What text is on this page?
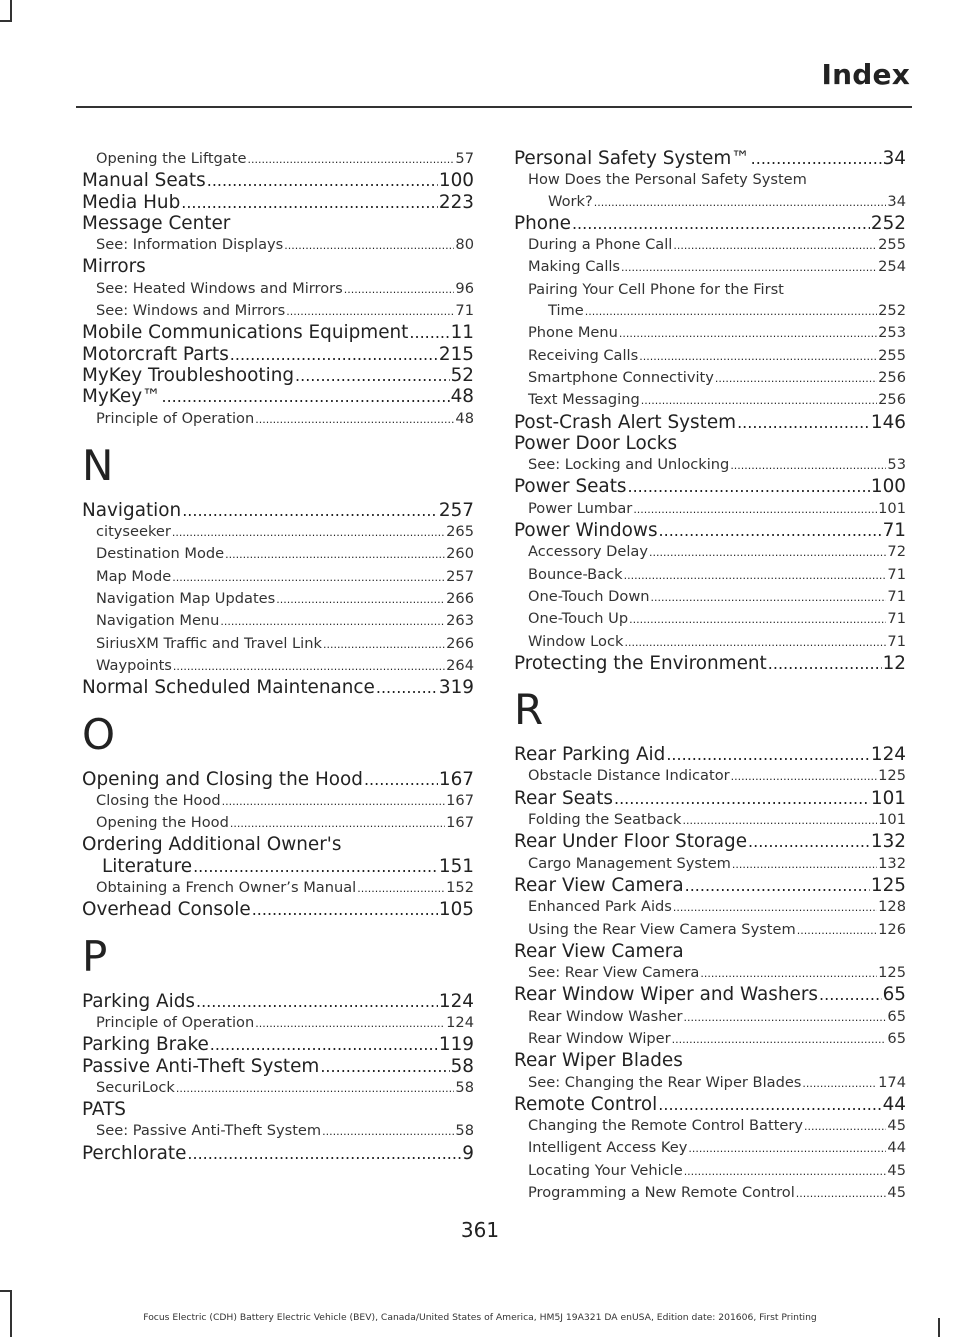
Index
Opening the Liftgate .....	57
Manual Seats .....	100
Media Hub .....	223
Message Center
See: Information Displays .....	80
Mirrors
See: Heated Windows and Mirrors .....	96
See: Windows and Mirrors .....	71
Mobile Communications Equipment ..... 11
Motorcraft Parts .....	215
MyKey Troubleshooting .....	52
MyKey™ .....	48
Principle of Operation .....	48
N
Navigation .....	257
cityseeker .....	265
Destination Mode .....	260
Map Mode .....	257
Navigation Map Updates .....	266
Navigation Menu .....	263
SiriusXM Traffic and Travel Link .....	266
Waypoints .....	264
Normal Scheduled Maintenance .....	319
O
Opening and Closing the Hood .....	167
Closing the Hood .....	167
Opening the Hood .....	167
Ordering Additional Owner's
Literature .....	151
Obtaining a French Owner’s Manual .....	152
Overhead Console .....	105
P
Parking Aids .....	124
Principle of Operation .....	124
Parking Brake .....	119
Passive Anti-Theft System .....	58
SecuriLock .....	58
PATS
See: Passive Anti-Theft System .....	58
Perchlorate .....	9
Personal Safety System™ .....	34
How Does the Personal Safety System
Work? .....	34
Phone .....	252
During a Phone Call .....	255
Making Calls .....	254
Pairing Your Cell Phone for the First
Time .....	252
Phone Menu .....	253
Receiving Calls .....	255
Smartphone Connectivity .....	256
Text Messaging .....	256
Post-Crash Alert System .....	146
Power Door Locks
See: Locking and Unlocking .....	53
Power Seats .....	100
Power Lumbar .....	101
Power Windows .....	71
Accessory Delay .....	72
Bounce-Back .....	71
One-Touch Down .....	71
One-Touch Up .....	71
Window Lock .....	71
Protecting the Environment .....	12
R
Rear Parking Aid .....	124
Obstacle Distance Indicator .....	125
Rear Seats .....	101
Folding the Seatback .....	101
Rear Under Floor Storage .....	132
Cargo Management System .....	132
Rear View Camera .....	125
Enhanced Park Aids .....	128
Using the Rear View Camera System .....	126
Rear View Camera
See: Rear View Camera .....	125
Rear Window Wiper and Washers .....	65
Rear Window Washer .....	65
Rear Window Wiper .....	65
Rear Wiper Blades
See: Changing the Rear Wiper Blades .....	174
Remote Control .....	44
Changing the Remote Control Battery .....	45
Intelligent Access Key .....	44
Locating Your Vehicle .....	45
Programming a New Remote Control .....	45
361
Focus Electric (CDH) Battery Electric Vehicle (BEV), Canada/United States of America, HM5J 19A321 DA enUSA, Edition date: 201606, First Printing
